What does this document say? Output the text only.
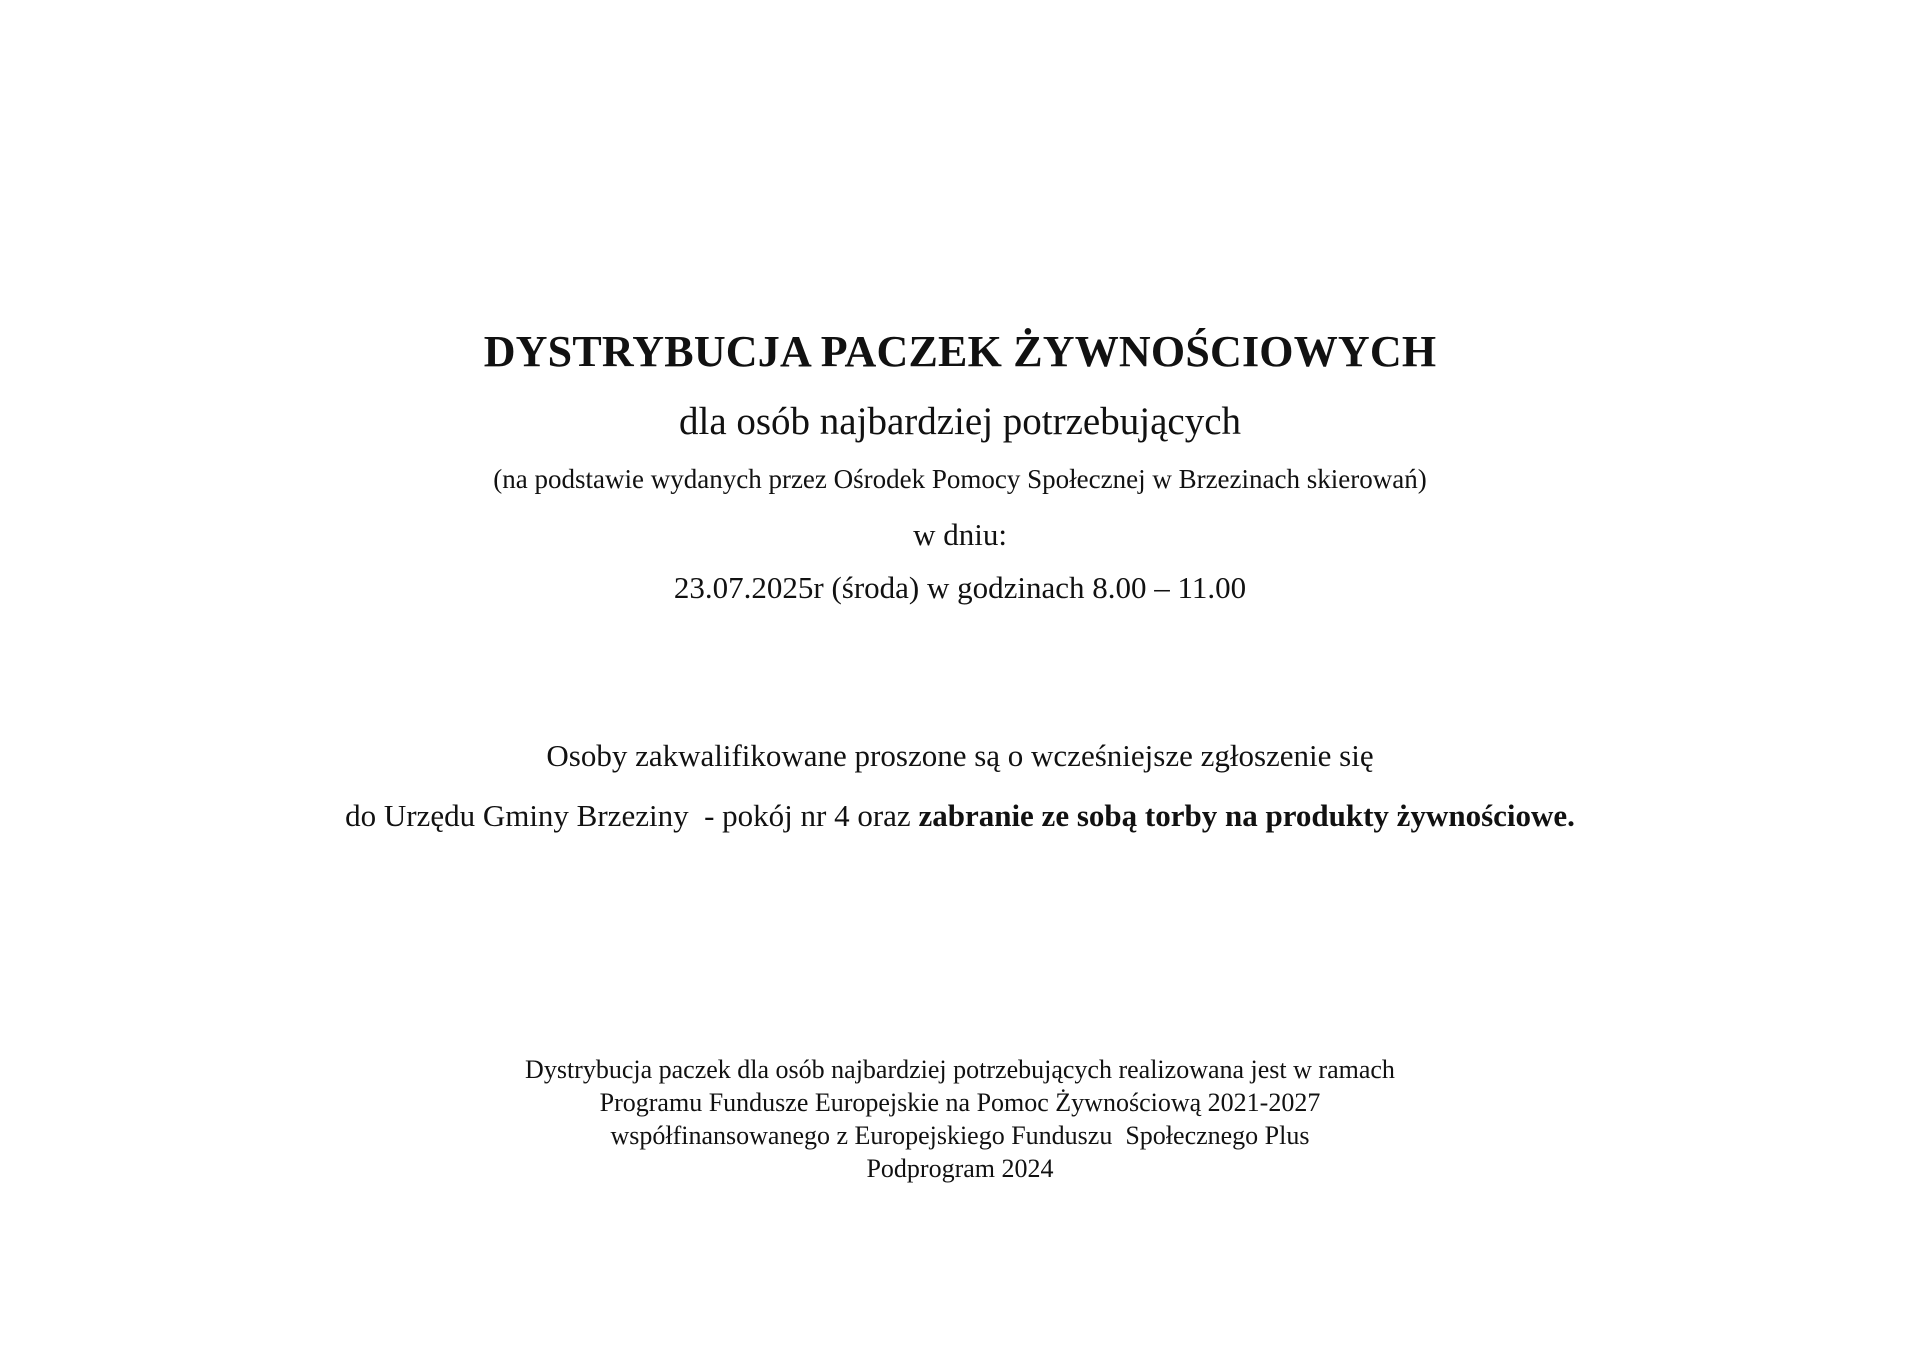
DYSTRYBUCJA PACZEK ŻYWNOŚCIOWYCH
dla osób najbardziej potrzebujących
(na podstawie wydanych przez Ośrodek Pomocy Społecznej w Brzezinach skierowań)
w dniu:
23.07.2025r (środa) w godzinach 8.00 – 11.00
Osoby zakwalifikowane proszone są o wcześniejsze zgłoszenie się
do Urzędu Gminy Brzeziny  - pokój nr 4 oraz zabranie ze sobą torby na produkty żywnościowe.
Dystrybucja paczek dla osób najbardziej potrzebujących realizowana jest w ramach
Programu Fundusze Europejskie na Pomoc Żywnościową 2021-2027
współfinansowanego z Europejskiego Funduszu  Społecznego Plus
Podprogram 2024
